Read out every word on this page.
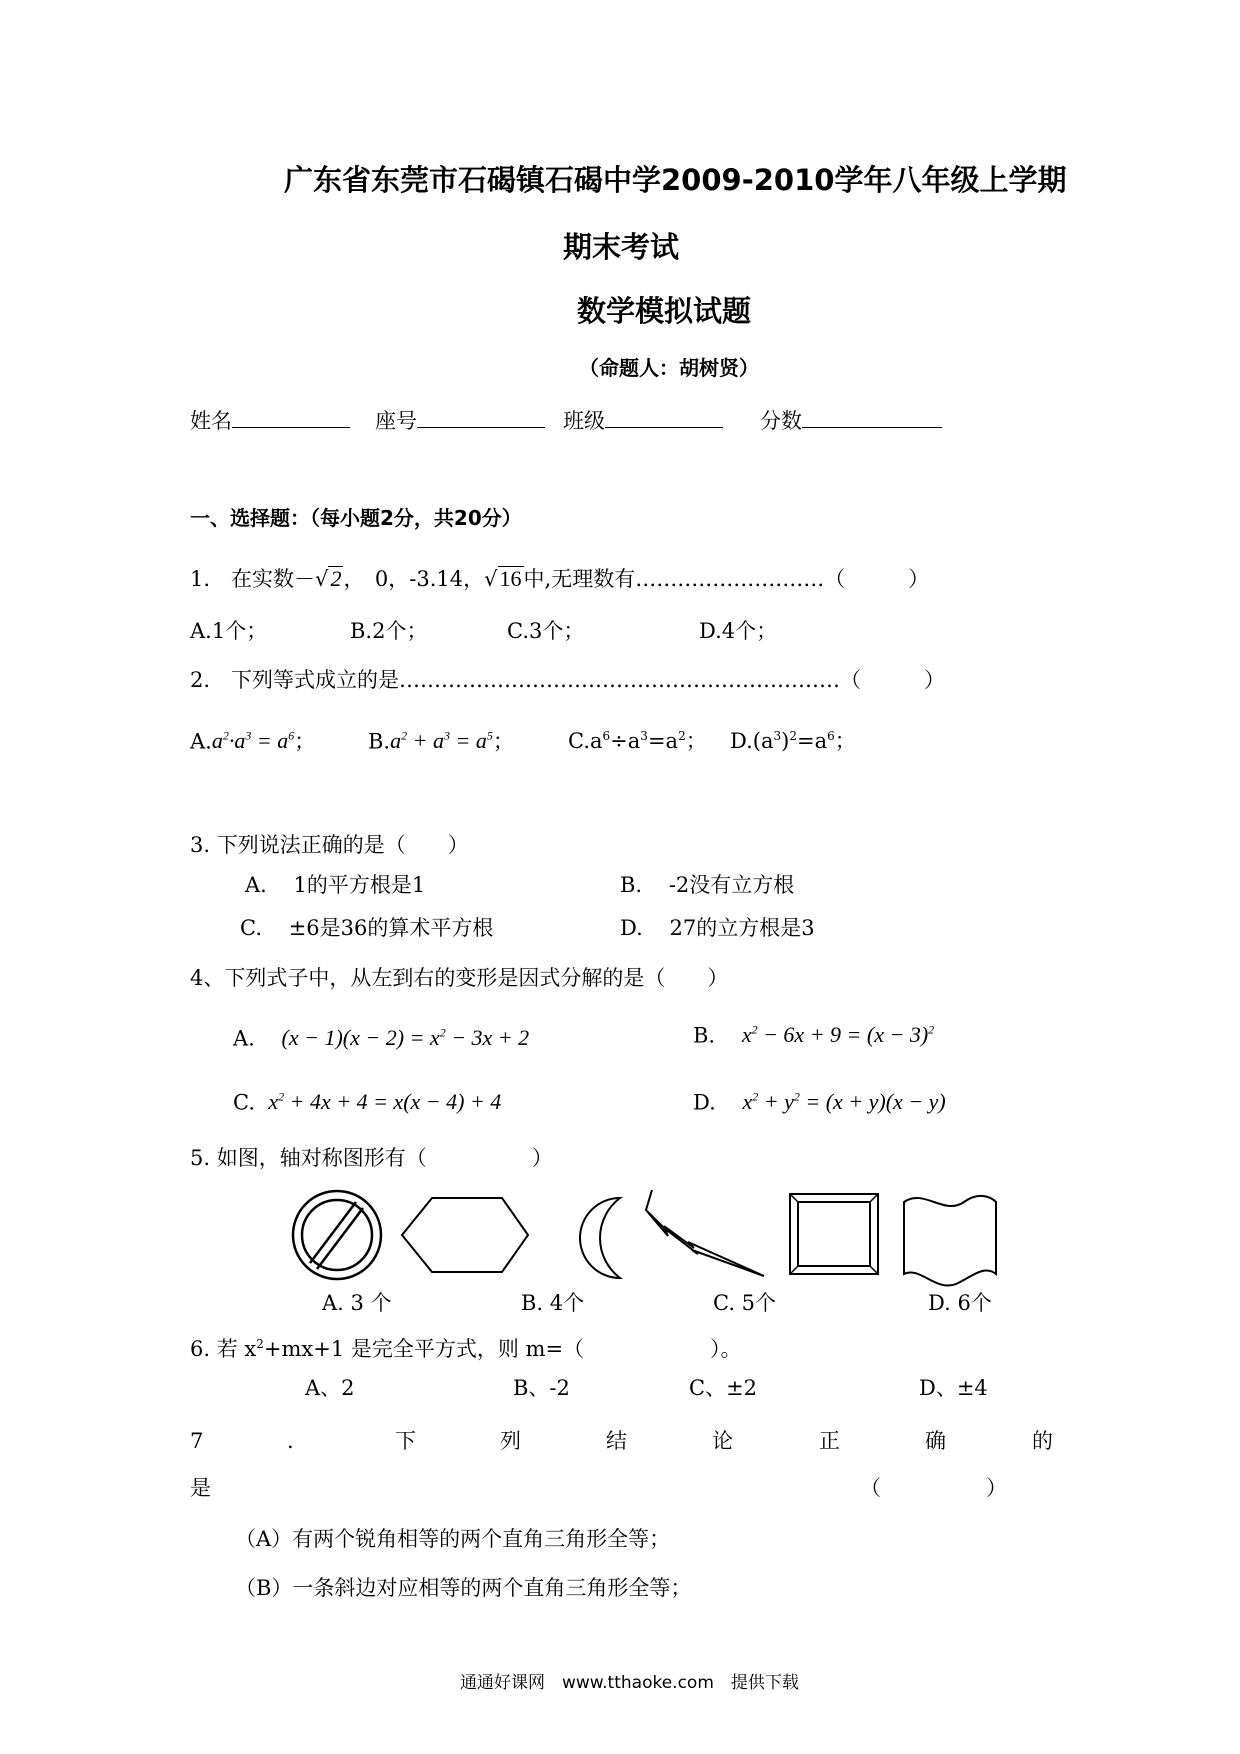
广东省东莞市石碣镇石碣中学2009-2010学年八年级上学期
期末考试
数学模拟试题
（命题人：胡树贤）
姓名	座号	班级	分数
一、选择题：（每小题2分，共20分）
1.　在实数－√2，　0，-3.14，√16中,无理数有………………………（　　　）
A.1个；	B.2个；	C.3个；	D.4个；
2.　下列等式成立的是………………………………………………………（　　　）
$A.a^2\cdot a^3 = a^6$；	$B.a^2 + a^3 = a^5$；	$C.a^6\div a^3=a^2$； $D.(a^3)^2=a^6$；
3. 下列说法正确的是（　　）
A. 1的平方根是1	B. -2没有立方根
C. ±6是36的算术平方根	D. 27的立方根是3
4、下列式子中，从左到右的变形是因式分解的是（　　）
A. $(x - 1)(x - 2) = x^2 - 3x + 2$	B. $x^2 - 6x + 9 = (x - 3)^2$
C. $x^2 + 4x + 4 = x(x - 4) + 4$	D. $x^2 + y^2 = (x + y)(x - y)$
5. 如图，轴对称图形有（　　　　　）
A. 3 个	B. 4个	C. 5个	D. 6个
6. 若 $x^2+mx+1$ 是完全平方式，则 m=（　　　　　　）。
A、2	B、-2	C、±2	D、±4
7	.	下	列	结	论	正	确	的
是	（　　　　　）
（A）有两个锐角相等的两个直角三角形全等；
（B）一条斜边对应相等的两个直角三角形全等；
通通好课网　www.tthaoke.com　提供下载
